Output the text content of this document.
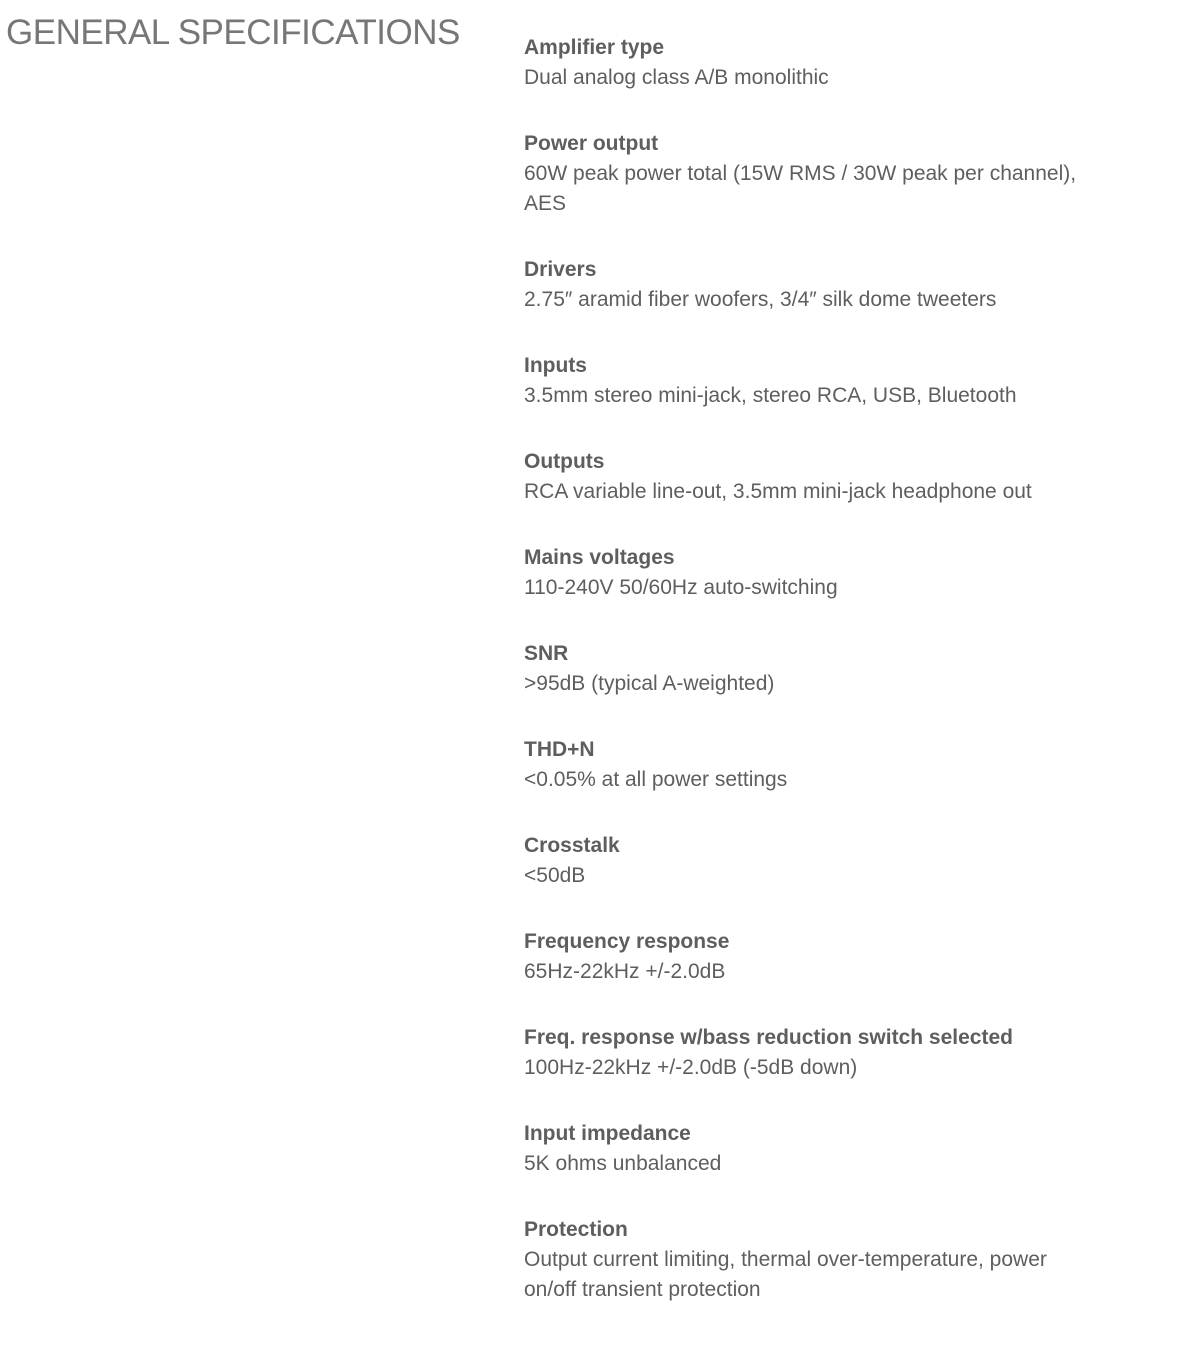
GENERAL SPECIFICATIONS	Amplifier type
Dual analog class A/B monolithic
Power output
60W peak power total (15W RMS / 30W peak per channel),
AES
Drivers
2.75″ aramid fiber woofers, 3/4″ silk dome tweeters
Inputs
3.5mm stereo mini-jack, stereo RCA, USB, Bluetooth
Outputs
RCA variable line-out, 3.5mm mini-jack headphone out
Mains voltages
110-240V 50/60Hz auto-switching
SNR
>95dB (typical A-weighted)
THD+N
<0.05% at all power settings
Crosstalk
<50dB
Frequency response
65Hz-22kHz +/-2.0dB
Freq. response w/bass reduction switch selected
100Hz-22kHz +/-2.0dB (-5dB down)
Input impedance
5K ohms unbalanced
Protection
Output current limiting, thermal over-temperature, power
on/off transient protection
